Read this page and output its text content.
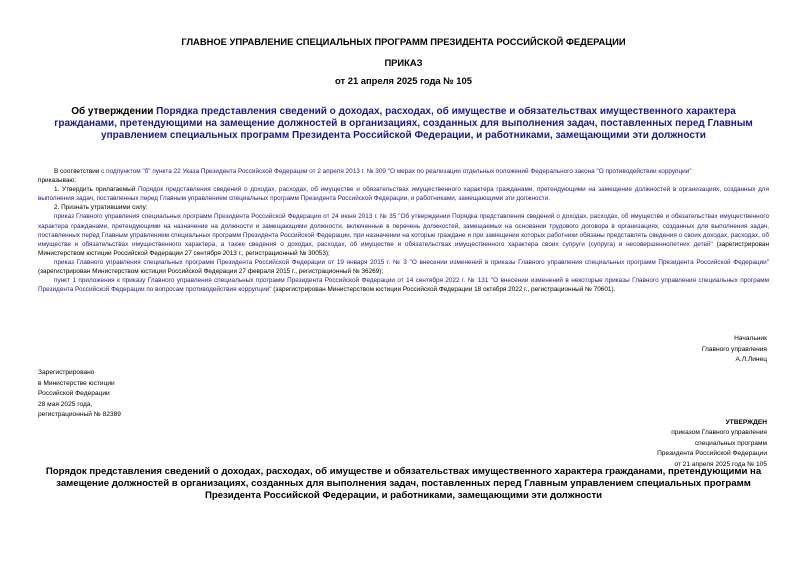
ГЛАВНОЕ УПРАВЛЕНИЕ СПЕЦИАЛЬНЫХ ПРОГРАММ ПРЕЗИДЕНТА РОССИЙСКОЙ ФЕДЕРАЦИИ
ПРИКАЗ
от 21 апреля 2025 года № 105
Об утверждении Порядка представления сведений о доходах, расходах, об имуществе и обязательствах имущественного характера гражданами, претендующими на замещение должностей в организациях, созданных для выполнения задач, поставленных перед Главным управлением специальных программ Президента Российской Федерации, и работниками, замещающими эти должности

В соответствии с подпунктом "б" пункта 22 Указа Президента Российской Федерации от 2 апреля 2013 г. № 309 "О мерах по реализации отдельных положений Федерального закона "О противодействии коррупции"

приказываю:

1. Утвердить прилагаемый Порядок представления сведений о доходах, расходах, об имуществе и обязательствах имущественного характера гражданами, претендующими на замещение должностей в организациях, созданных для выполнения задач, поставленных перед Главным управлением специальных программ Президента Российской Федерации, и работниками, замещающими эти должности.

2. Признать утратившими силу:

приказ Главного управления специальных программ Президента Российской Федерации от 24 июня 2013 г. № 35 "Об утверждении Порядка представления сведений о доходах, расходах, об имуществе и обязательствах имущественного характера гражданами, претендующими на назначение на должности и замещающими должности, включенные в перечень должностей, замещаемых на основании трудового договора в организациях, созданных для выполнения задач, поставленных перед Главным управлением специальных программ Президента Российской Федерации, при назначении на которые граждане и при замещении которых работники обязаны представлять сведения о своих доходах, расходах, об имуществе и обязательствах имущественного характера, а также сведения о доходах, расходах, об имуществе и обязательствах имущественного характера своих супруги (супруга) и несовершеннолетних детей" (зарегистрирован Министерством юстиции Российской Федерации 27 сентября 2013 г., регистрационный № 30053);

приказ Главного управления специальных программ Президента Российской Федерации от 19 января 2015 г. № 3 "О внесении изменений в приказы Главного управления специальных программ Президента Российской Федерации" (зарегистрирован Министерством юстиции Российской Федерации 27 февраля 2015 г., регистрационный № 36269);

пункт 1 приложения к приказу Главного управления специальных программ Президента Российской Федерации от 14 сентября 2022 г. № 131 "О внесении изменений в некоторые приказы Главного управления специальных программ Президента Российской Федерации по вопросам противодействия коррупции" (зарегистрирован Министерством юстиции Российской Федерации 18 октября 2022 г., регистрационный № 70601).

Начальник
Главного управления
А.Л.Линец
Зарегистрировано
в Министерстве юстиции
Российской Федерации
28 мая 2025 года,
регистрационный № 82389
УТВЕРЖДЕН
приказом Главного управления
специальных программ
Президента Российской Федерации
от 21 апреля 2025 года № 105
Порядок представления сведений о доходах, расходах, об имуществе и обязательствах имущественного характера гражданами, претендующими на замещение должностей в организациях, созданных для выполнения задач, поставленных перед Главным управлением специальных программ Президента Российской Федерации, и работниками, замещающими эти должности
